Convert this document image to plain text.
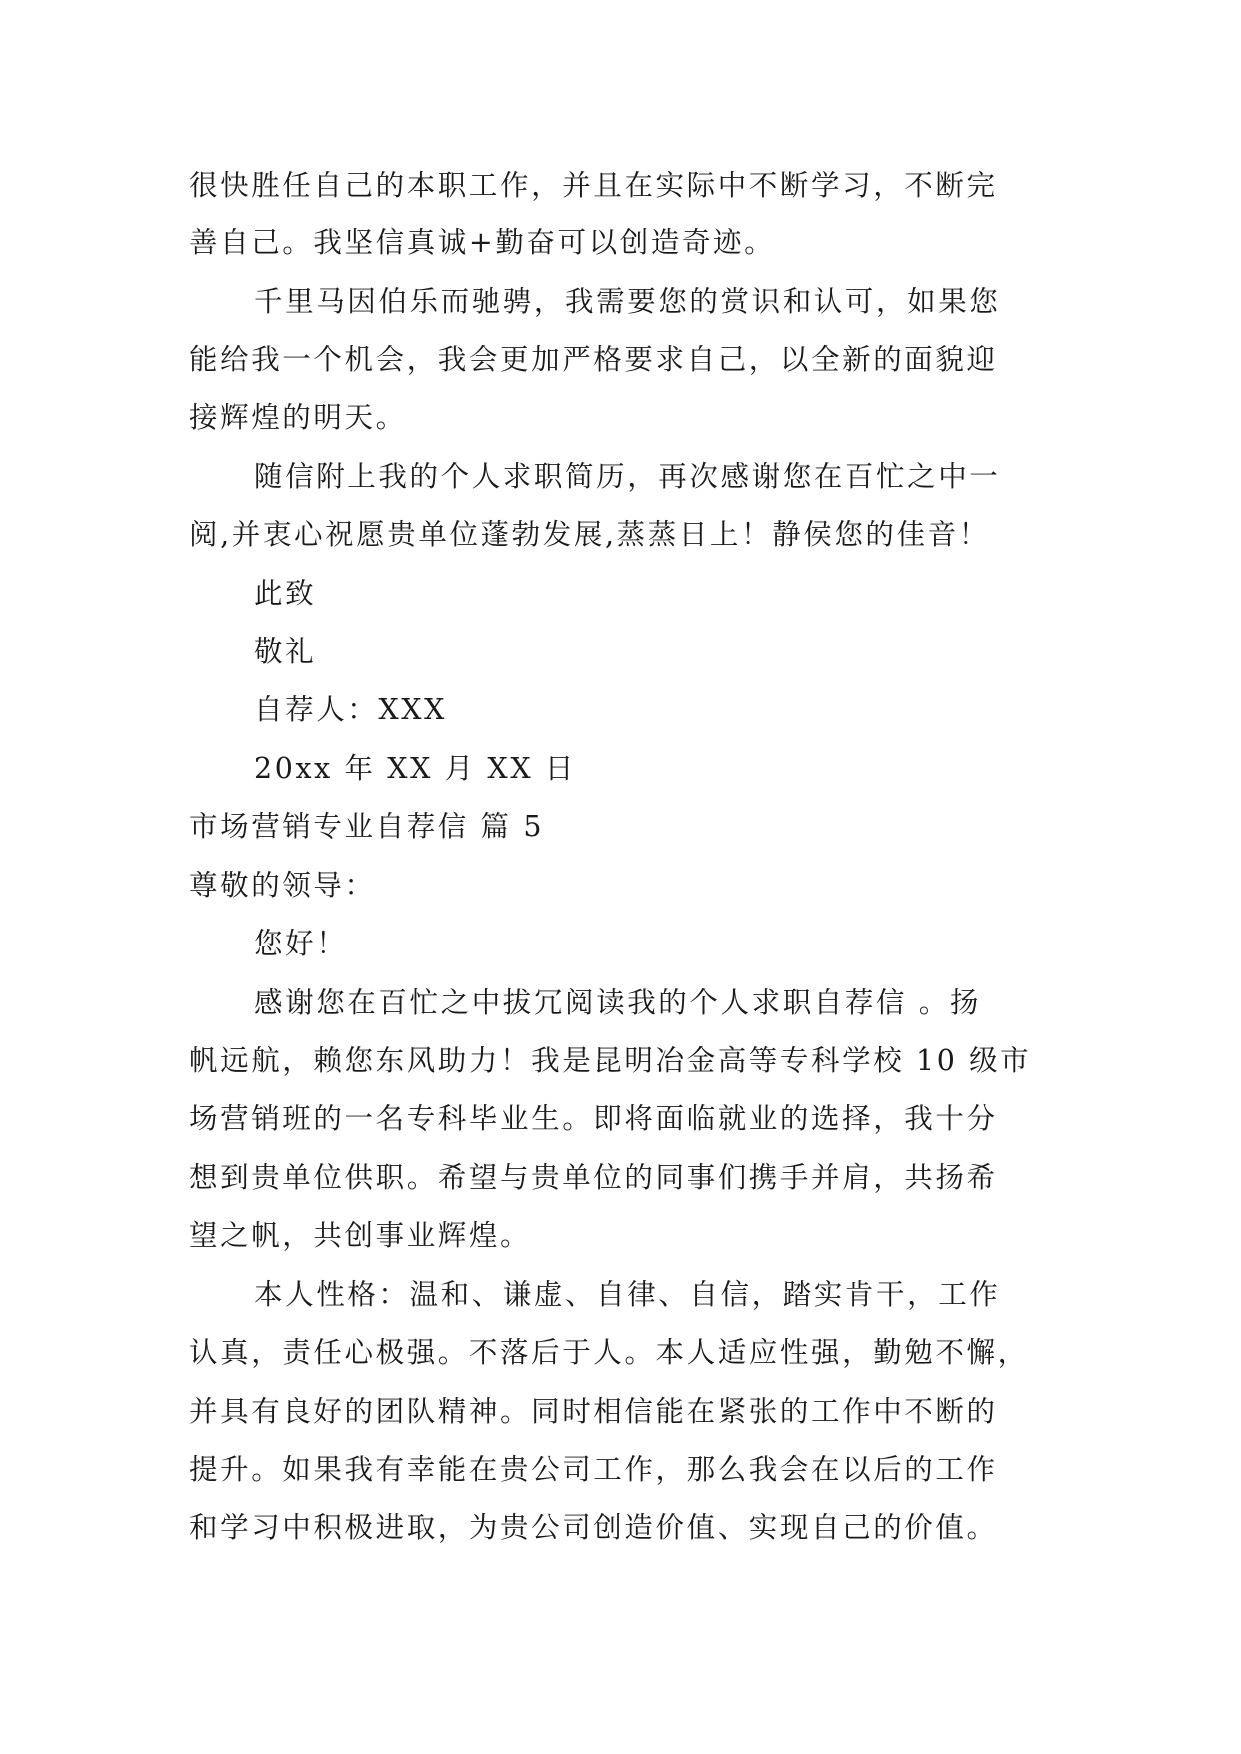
很快胜任自己的本职工作，并且在实际中不断学习，不断完
善自己。我坚信真诚+勤奋可以创造奇迹。
千里马因伯乐而驰骋，我需要您的赏识和认可，如果您
能给我一个机会，我会更加严格要求自己，以全新的面貌迎
接辉煌的明天。
随信附上我的个人求职简历，再次感谢您在百忙之中一
阅,并衷心祝愿贵单位蓬勃发展,蒸蒸日上！静侯您的佳音！
此致
敬礼
自荐人：XXX
20xx 年 XX 月 XX 日
市场营销专业自荐信 篇 5
尊敬的领导：
您好！
感谢您在百忙之中拔冗阅读我的个人求职自荐信 。扬
帆远航，赖您东风助力！我是昆明冶金高等专科学校 10 级市
场营销班的一名专科毕业生。即将面临就业的选择，我十分
想到贵单位供职。希望与贵单位的同事们携手并肩，共扬希
望之帆，共创事业辉煌。
本人性格：温和、谦虚、自律、自信，踏实肯干，工作
认真，责任心极强。不落后于人。本人适应性强，勤勉不懈，
并具有良好的团队精神。同时相信能在紧张的工作中不断的
提升。如果我有幸能在贵公司工作，那么我会在以后的工作
和学习中积极进取，为贵公司创造价值、实现自己的价值。
